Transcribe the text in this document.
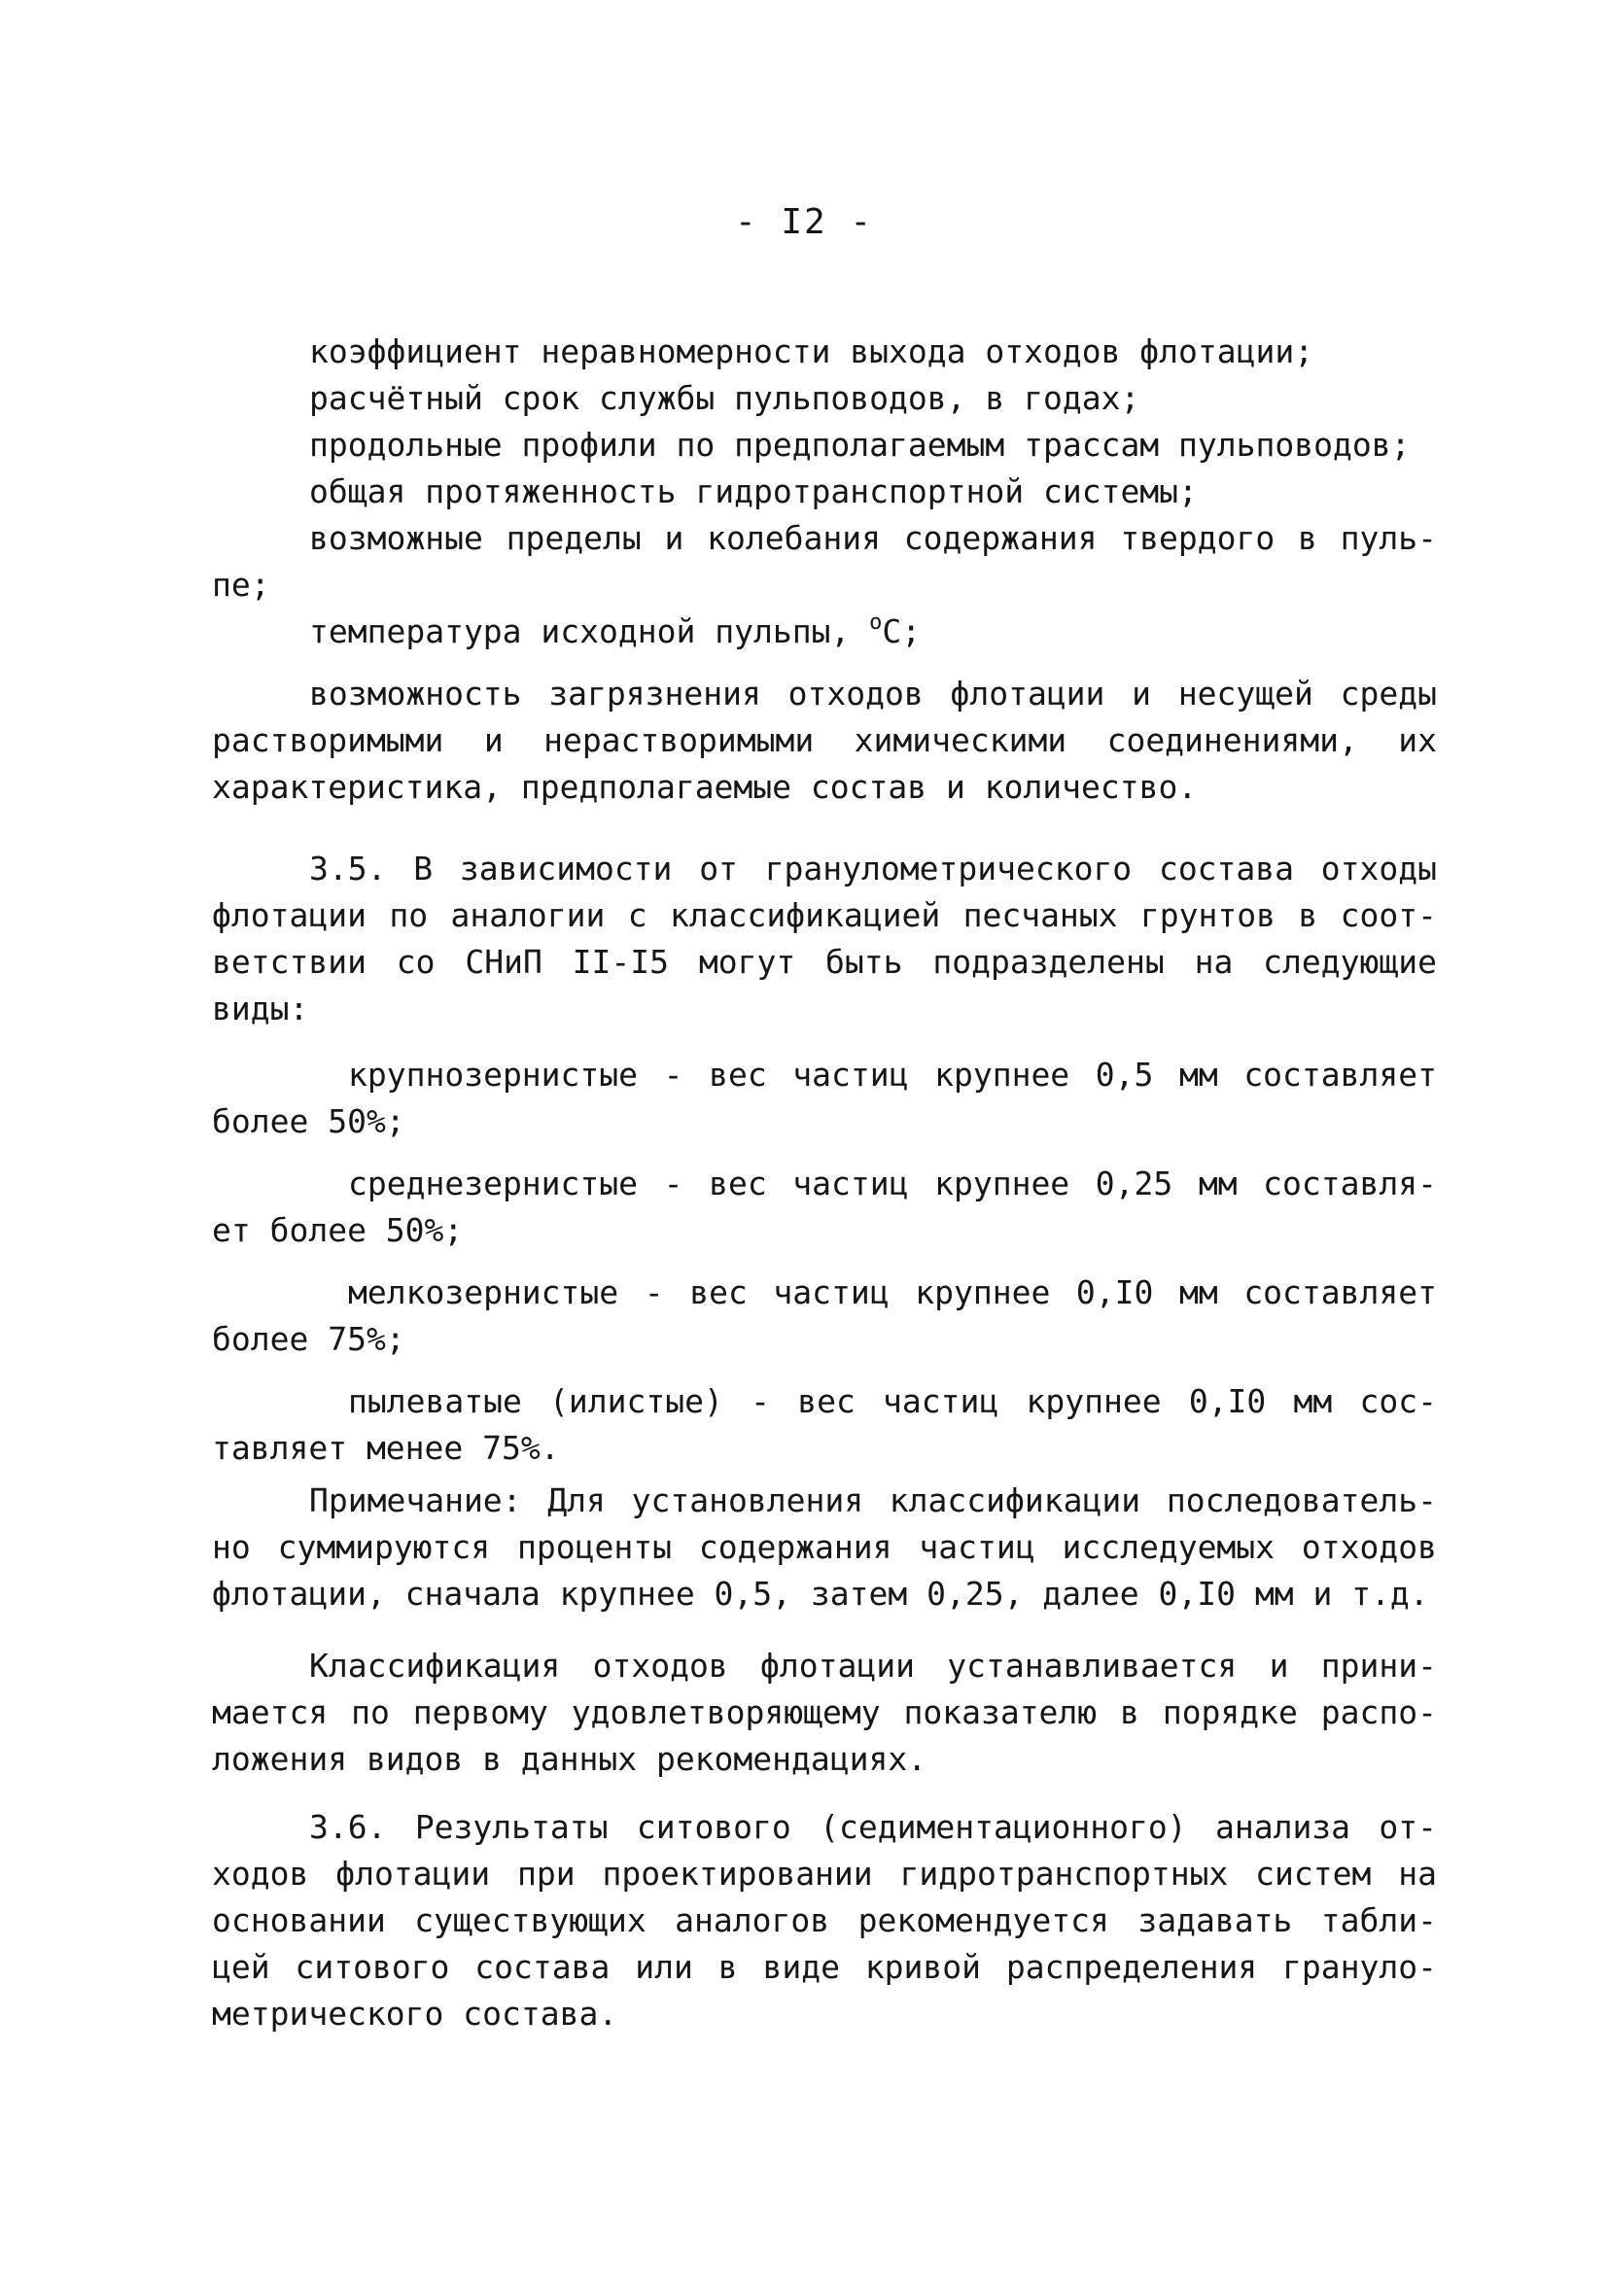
- I2 -
коэффициент неравномерности выхода отходов флотации;
расчётный срок службы пульповодов, в годах;
продольные профили по предполагаемым трассам пульповодов;
общая протяженность гидротранспортной системы;
возможные пределы и колебания содержания твердого в пуль-
пе;
температура исходной пульпы, $^о$С;
возможность загрязнения отходов флотации и несущей среды
растворимыми и нерастворимыми химическими соединениями, их
характеристика, предполагаемые состав и количество.
3.5. В зависимости от гранулометрического состава отходы
флотации по аналогии с классификацией песчаных грунтов в соот-
ветствии со СНиП II-I5 могут быть подразделены на следующие
виды:
крупнозернистые - вес частиц крупнее 0,5 мм составляет
более 50%;
среднезернистые - вес частиц крупнее 0,25 мм составля-
ет более 50%;
мелкозернистые - вес частиц крупнее 0,I0 мм составляет
более 75%;
пылеватые (илистые) - вес частиц крупнее 0,I0 мм сос-
тавляет менее 75%.
Примечание: Для установления классификации последователь-
но суммируются проценты содержания частиц исследуемых отходов
флотации, сначала крупнее 0,5, затем 0,25, далее 0,I0 мм и т.д.
Классификация отходов флотации устанавливается и прини-
мается по первому удовлетворяющему показателю в порядке распо-
ложения видов в данных рекомендациях.
3.6. Результаты ситового (седиментационного) анализа от-
ходов флотации при проектировании гидротранспортных систем на
основании существующих аналогов рекомендуется задавать табли-
цей ситового состава или в виде кривой распределения грануло-
метрического состава.
